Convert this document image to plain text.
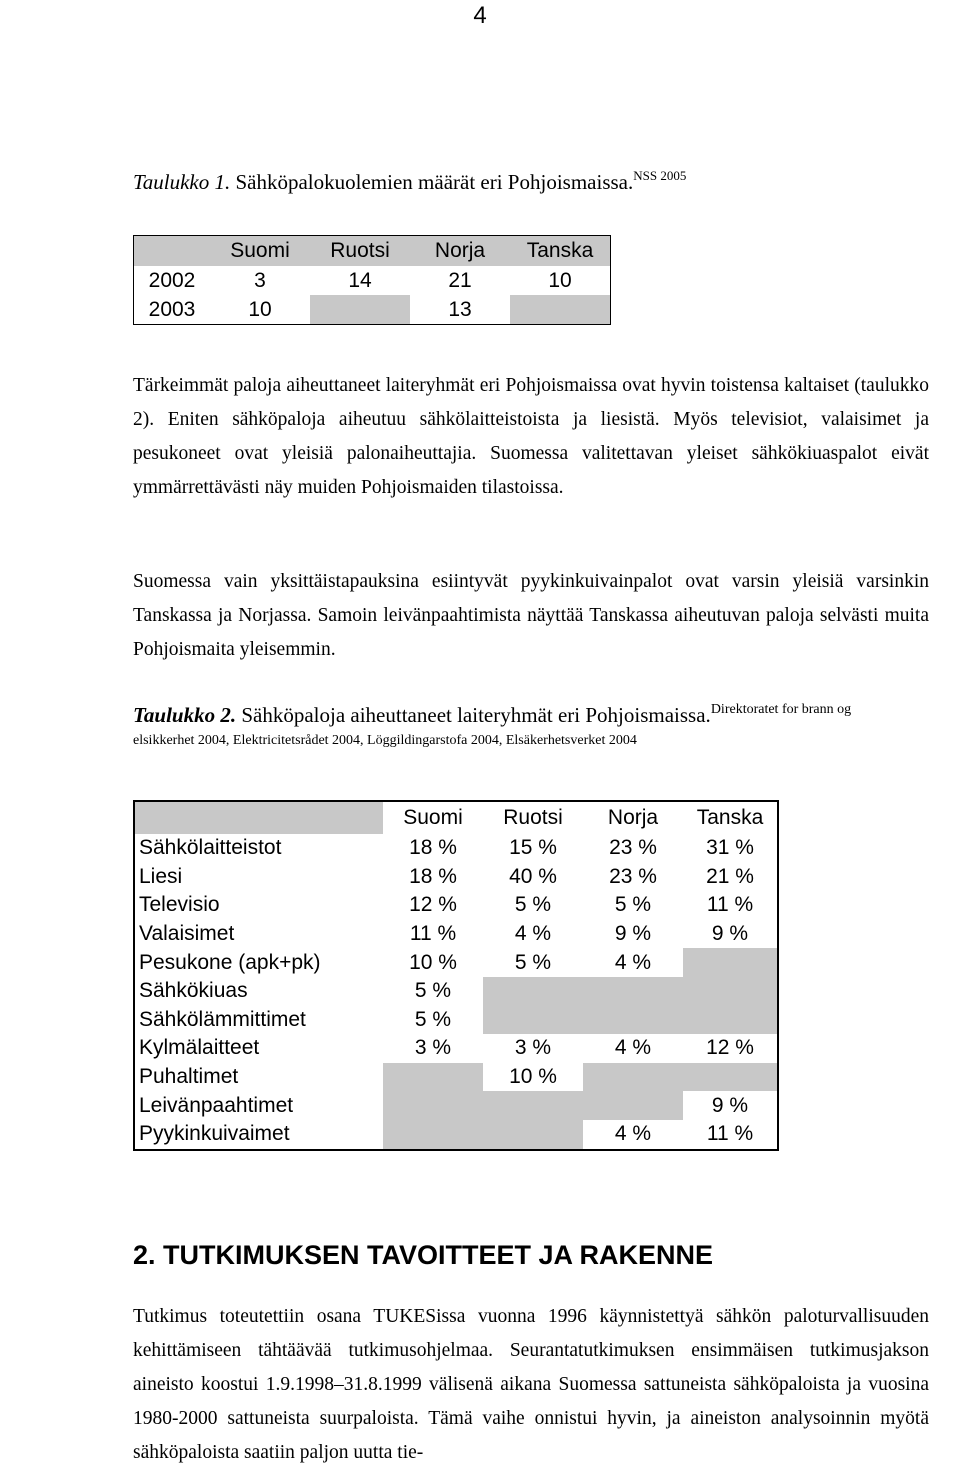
4
Taulukko 1. Sähköpalokuolemien määrät eri Pohjoismaissa.$^{NSS 2005}$
	Suomi	Ruotsi	Norja	Tanska
2002	3	14	21	10
2003	10		13	
Tärkeimmät paloja aiheuttaneet laiteryhmät eri Pohjoismaissa ovat hyvin toistensa kaltaiset (taulukko 2). Eniten sähköpaloja aiheutuu sähkölaitteistoista ja liesistä. Myös televisiot, valaisimet ja pesukoneet ovat yleisiä palonaiheuttajia. Suomessa valitettavan yleiset sähkökiuaspalot eivät ymmärrettävästi näy muiden Pohjoismaiden tilastoissa.
Suomessa vain yksittäistapauksina esiintyvät pyykinkuivainpalot ovat varsin yleisiä varsinkin Tanskassa ja Norjassa. Samoin leivänpaahtimista näyttää Tanskassa aiheutuvan paloja selvästi muita Pohjoismaita yleisemmin.
Taulukko 2. Sähköpaloja aiheuttaneet laiteryhmät eri Pohjoismaissa.$^{Direktoratet for brann og}$
elsikkerhet 2004, Elektricitetsrådet 2004, Löggildingarstofa 2004, Elsäkerhetsverket 2004
	Suomi	Ruotsi	Norja	Tanska
Sähkölaitteistot	18 %	15 %	23 %	31 %
Liesi	18 %	40 %	23 %	21 %
Televisio	12 %	5 %	5 %	11 %
Valaisimet	11 %	4 %	9 %	9 %
Pesukone (apk+pk)	10 %	5 %	4 %	
Sähkökiuas	5 %			
Sähkölämmittimet	5 %			
Kylmälaitteet	3 %	3 %	4 %	12 %
Puhaltimet		10 %		
Leivänpaahtimet				9 %
Pyykinkuivaimet			4 %	11 %
2. TUTKIMUKSEN TAVOITTEET JA RAKENNE
Tutkimus toteutettiin osana TUKESissa vuonna 1996 käynnistettyä sähkön paloturvallisuuden kehittämiseen tähtäävää tutkimusohjelmaa. Seurantatutkimuksen ensimmäisen tutkimusjakson aineisto koostui 1.9.1998–31.8.1999 välisenä aikana Suomessa sattuneista sähköpaloista ja vuosina 1980-2000 sattuneista suurpaloista. Tämä vaihe onnistui hyvin, ja aineiston analysoinnin myötä sähköpaloista saatiin paljon uutta tie-
